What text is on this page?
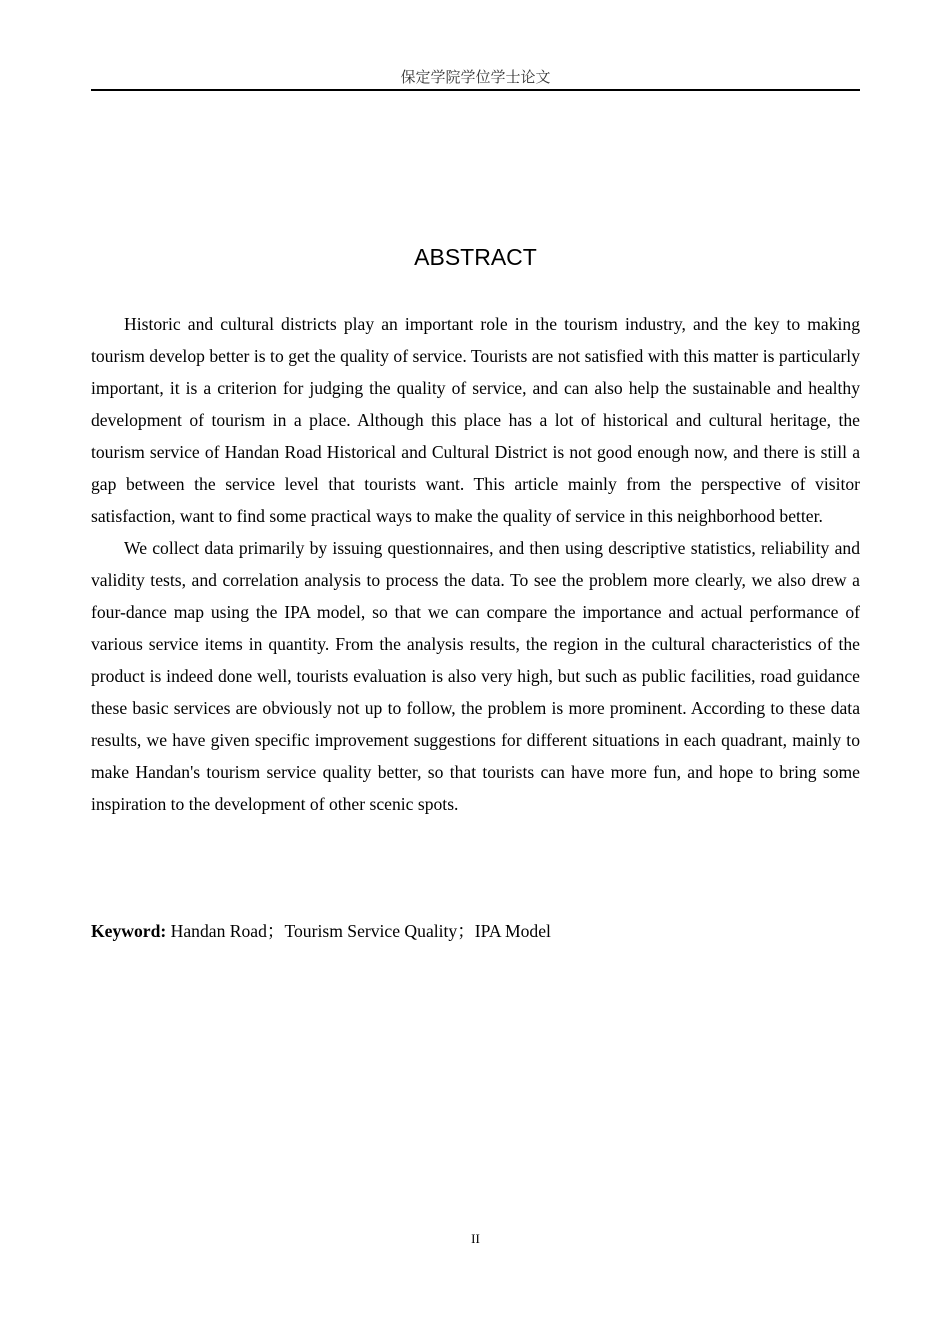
保定学院学位学士论文
ABSTRACT

Historic and cultural districts play an important role in the tourism industry, and the key to making tourism develop better is to get the quality of service. Tourists are not satisfied with this matter is particularly important, it is a criterion for judging the quality of service, and can also help the sustainable and healthy development of tourism in a place. Although this place has a lot of historical and cultural heritage, the tourism service of Handan Road Historical and Cultural District is not good enough now, and there is still a gap between the service level that tourists want. This article mainly from the perspective of visitor satisfaction, want to find some practical ways to make the quality of service in this neighborhood better.

We collect data primarily by issuing questionnaires, and then using descriptive statistics, reliability and validity tests, and correlation analysis to process the data. To see the problem more clearly, we also drew a four-dance map using the IPA model, so that we can compare the importance and actual performance of various service items in quantity. From the analysis results, the region in the cultural characteristics of the product is indeed done well, tourists evaluation is also very high, but such as public facilities, road guidance these basic services are obviously not up to follow, the problem is more prominent. According to these data results, we have given specific improvement suggestions for different situations in each quadrant, mainly to make Handan's tourism service quality better, so that tourists can have more fun, and hope to bring some inspiration to the development of other scenic spots.

Keyword: Handan Road；Tourism Service Quality；IPA Model
II
